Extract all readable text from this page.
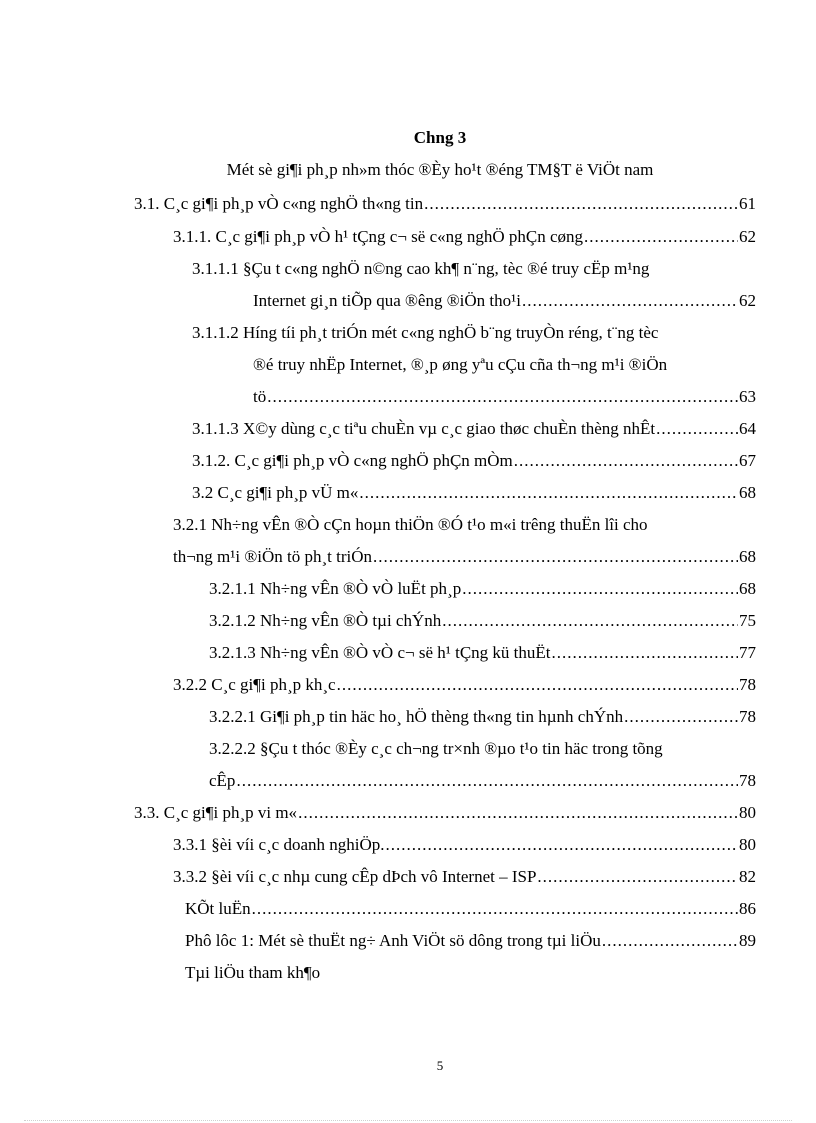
Chng 3
Mét sè gi¶i ph¸p nh»m thóc ®Èy ho¹t ®éng TM§T ë ViÖt nam
3.1. C¸c gi¶i ph¸p vÒ c«ng nghÖ th«ng tin .....	61
3.1.1. C¸c gi¶i ph¸p vÒ h¹ tÇng c¬ së c«ng nghÖ phÇn cøng .....	62
3.1.1.1 §Çu t c«ng nghÖ n©ng cao kh¶ n¨ng, tèc ®é truy cËp m¹ng
Internet gi¸n tiÕp qua ®êng ®iÖn tho¹i .....	62
3.1.1.2 Híng tíi ph¸t triÓn mét c«ng nghÖ b¨ng truyÒn réng, t¨ng tèc
®é truy nhËp Internet, ®¸p øng yªu cÇu cña th¬ng m¹i ®iÖn
tö .....	63
3.1.1.3 X©y dùng c¸c tiªu chuÈn vµ c¸c giao thøc chuÈn thèng nhÊt .....	64
3.1.2. C¸c gi¶i ph¸p vÒ c«ng nghÖ phÇn mÒm .....	67
3.2 C¸c gi¶i ph¸p vÜ m« .....	68
3.2.1 Nh÷ng vÊn ®Ò cÇn hoµn thiÖn ®Ó t¹o m«i trêng thuËn lîi cho
th¬ng m¹i ®iÖn tö ph¸t triÓn .....	68
3.2.1.1 Nh÷ng vÊn ®Ò vÒ luËt ph¸p .....	68
3.2.1.2 Nh÷ng vÊn ®Ò tµi chÝnh .....	75
3.2.1.3 Nh÷ng vÊn ®Ò vÒ c¬ së h¹ tÇng kü thuËt .....	77
3.2.2 C¸c gi¶i ph¸p kh¸c .....	78
3.2.2.1 Gi¶i ph¸p tin häc ho¸ hÖ thèng th«ng tin hµnh chÝnh .....	78
3.2.2.2 §Çu t thóc ®Èy c¸c ch¬ng tr×nh ®µo t¹o tin häc trong tõng
cÊp .....	78
3.3. C¸c gi¶i ph¸p vi m« .....	80
3.3.1 §èi víi c¸c doanh nghiÖp. .....	80
3.3.2 §èi víi c¸c nhµ cung cÊp dÞch vô Internet – ISP .....	82
KÕt luËn .....	86
Phô lôc 1: Mét sè thuËt ng÷ Anh ViÖt sö dông trong tµi liÖu .....	89
Tµi liÖu tham kh¶o
5
